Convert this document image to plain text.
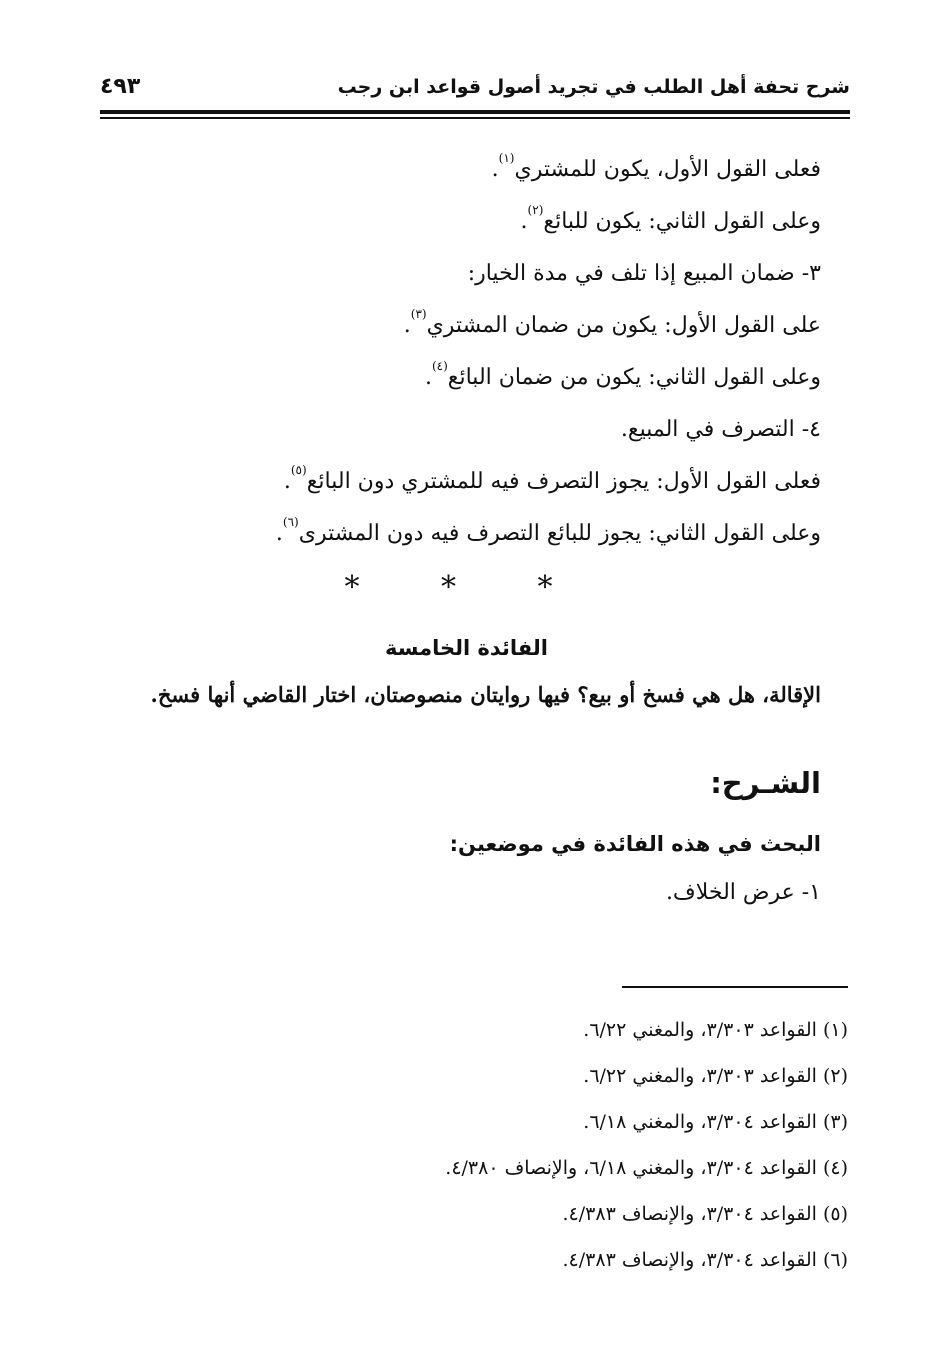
شرح تحفة أهل الطلب في تجريد أصول قواعد ابن رجب
٤٩٣
فعلى القول الأول، يكون للمشتري$^{(١)}$.
وعلى القول الثاني: يكون للبائع$^{(٢)}$.
٣- ضمان المبيع إذا تلف في مدة الخيار:
على القول الأول: يكون من ضمان المشتري$^{(٣)}$.
وعلى القول الثاني: يكون من ضمان البائع$^{(٤)}$.
٤- التصرف في المبيع.
فعلى القول الأول: يجوز التصرف فيه للمشتري دون البائع$^{(٥)}$.
وعلى القول الثاني: يجوز للبائع التصرف فيه دون المشترى$^{(٦)}$.
* * *
الفائدة الخامسة
الإقالة، هل هي فسخ أو بيع؟ فيها روايتان منصوصتان، اختار القاضي أنها فسخ.
الشـرح:
البحث في هذه الفائدة في موضعين:
١- عرض الخلاف.
(١) القواعد ٣/٣٠٣، والمغني ٦/٢٢.
(٢) القواعد ٣/٣٠٣، والمغني ٦/٢٢.
(٣) القواعد ٣/٣٠٤، والمغني ٦/١٨.
(٤) القواعد ٣/٣٠٤، والمغني ٦/١٨، والإنصاف ٤/٣٨٠.
(٥) القواعد ٣/٣٠٤، والإنصاف ٤/٣٨٣.
(٦) القواعد ٣/٣٠٤، والإنصاف ٤/٣٨٣.
